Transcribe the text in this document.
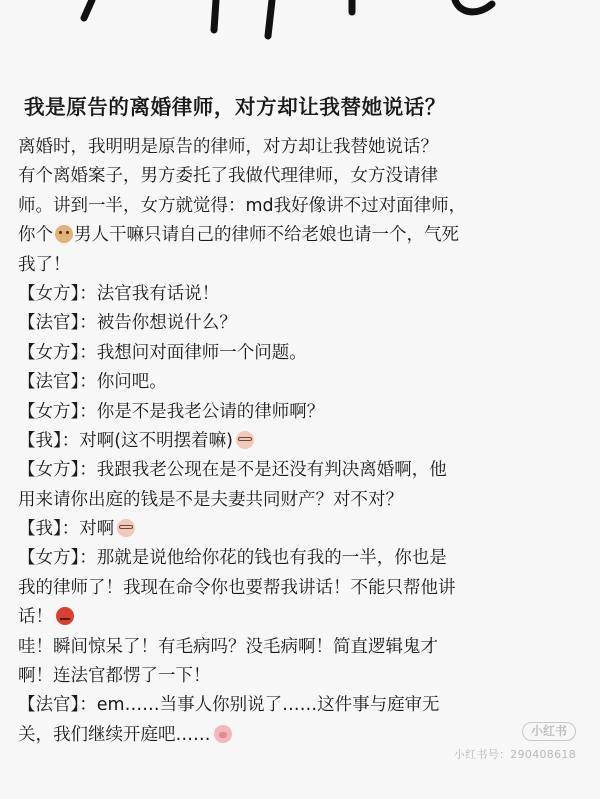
我是原告的离婚律师，对方却让我替她说话？
离婚时，我明明是原告的律师，对方却让我替她说话？
有个离婚案子，男方委托了我做代理律师，女方没请律
师。讲到一半，女方就觉得：md我好像讲不过对面律师，
你个 男人干嘛只请自己的律师不给老娘也请一个，气死
我了！
【女方】：法官我有话说！
【法官】：被告你想说什么？
【女方】：我想问对面律师一个问题。
【法官】：你问吧。
【女方】：你是不是我老公请的律师啊？
【我】：对啊(这不明摆着嘛)
【女方】：我跟我老公现在是不是还没有判决离婚啊，他
用来请你出庭的钱是不是夫妻共同财产？对不对？
【我】：对啊
【女方】：那就是说他给你花的钱也有我的一半，你也是
我的律师了！我现在命令你也要帮我讲话！不能只帮他讲
话！
哇！瞬间惊呆了！有毛病吗？没毛病啊！简直逻辑鬼才
啊！连法官都愣了一下！
【法官】：em……当事人你别说了……这件事与庭审无
关，我们继续开庭吧……	小红书
小红书号：290408618
